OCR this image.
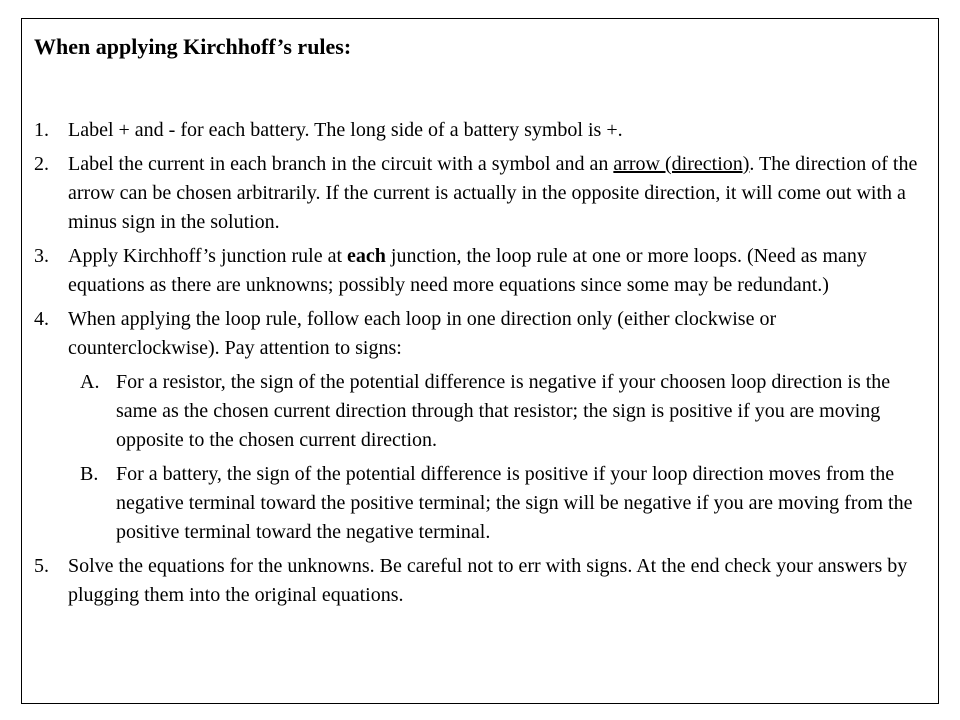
When applying Kirchhoff’s rules:
1. Label + and - for each battery. The long side of a battery symbol is +.
2. Label the current in each branch in the circuit with a symbol and an arrow (direction). The direction of the arrow can be chosen arbitrarily. If the current is actually in the opposite direction, it will come out with a minus sign in the solution.
3. Apply Kirchhoff’s junction rule at each junction, the loop rule at one or more loops. (Need as many equations as there are unknowns; possibly need more equations since some may be redundant.)
4. When applying the loop rule, follow each loop in one direction only (either clockwise or counterclockwise). Pay attention to signs:
A. For a resistor, the sign of the potential difference is negative if your choosen loop direction is the same as the chosen current direction through that resistor; the sign is positive if you are moving opposite to the chosen current direction.
B. For a battery, the sign of the potential difference is positive if your loop direction moves from the negative terminal toward the positive terminal; the sign will be negative if you are moving from the positive terminal toward the negative terminal.
5. Solve the equations for the unknowns. Be careful not to err with signs. At the end check your answers by plugging them into the original equations.
